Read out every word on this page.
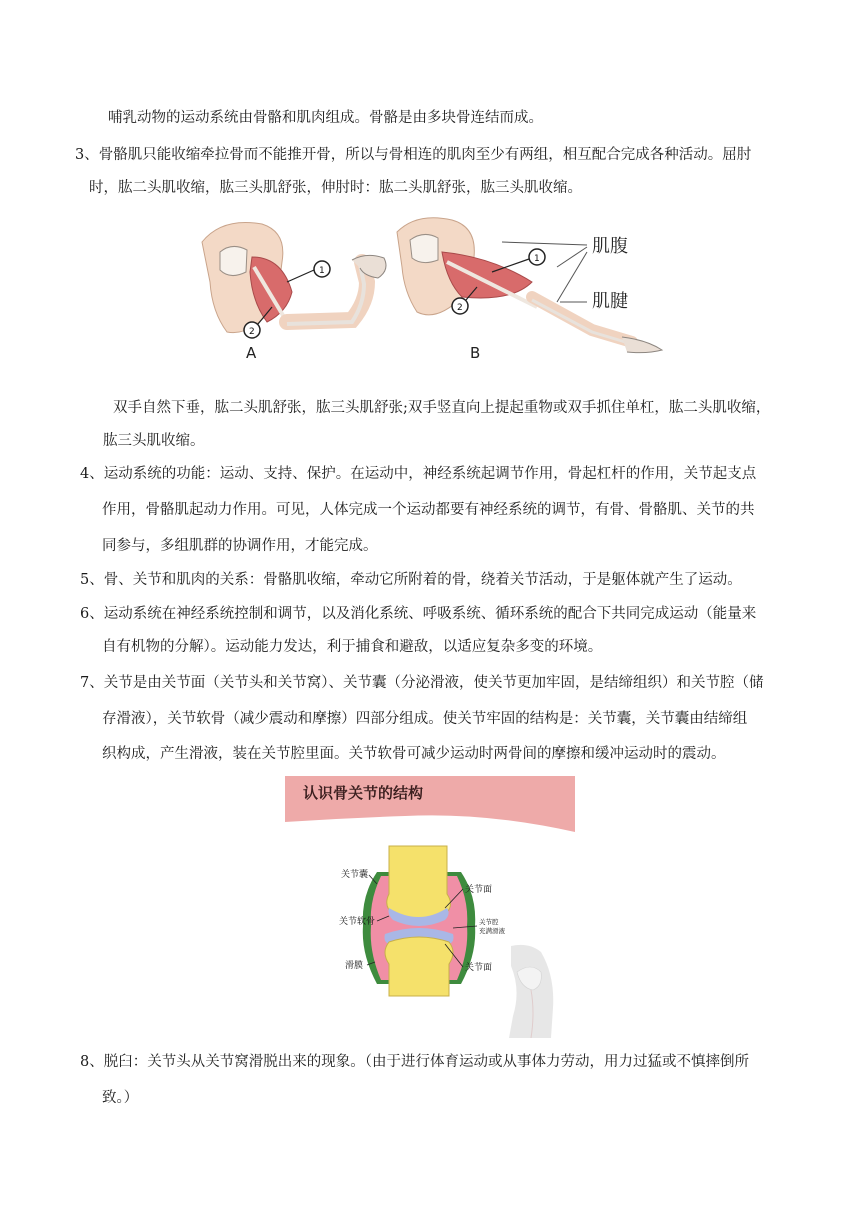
哺乳动物的运动系统由骨骼和肌肉组成。骨骼是由多块骨连结而成。
3、骨骼肌只能收缩牵拉骨而不能推开骨，所以与骨相连的肌肉至少有两组，相互配合完成各种活动。屈肘
时，肱二头肌收缩，肱三头肌舒张，伸肘时：肱二头肌舒张，肱三头肌收缩。
1
2
A
1
2
肌腹
肌腱
B
双手自然下垂，肱二头肌舒张，肱三头肌舒张;双手竖直向上提起重物或双手抓住单杠，肱二头肌收缩，
肱三头肌收缩。
4、运动系统的功能：运动、支持、保护。在运动中，神经系统起调节作用，骨起杠杆的作用，关节起支点
作用，骨骼肌起动力作用。可见，人体完成一个运动都要有神经系统的调节，有骨、骨骼肌、关节的共
同参与，多组肌群的协调作用，才能完成。
5、骨、关节和肌肉的关系：骨骼肌收缩，牵动它所附着的骨，绕着关节活动，于是躯体就产生了运动。
6、运动系统在神经系统控制和调节，以及消化系统、呼吸系统、循环系统的配合下共同完成运动（能量来
自有机物的分解）。运动能力发达，利于捕食和避敌，以适应复杂多变的环境。
7、关节是由关节面（关节头和关节窝）、关节囊（分泌滑液，使关节更加牢固，是结缔组织）和关节腔（储
存滑液），关节软骨（减少震动和摩擦）四部分组成。使关节牢固的结构是：关节囊，关节囊由结缔组
织构成，产生滑液，装在关节腔里面。关节软骨可减少运动时两骨间的摩擦和缓冲运动时的震动。
认识骨关节的结构
关节囊
关节面
关节软骨	关节腔
充满滑液
滑膜	关节面
8、脱臼：关节头从关节窝滑脱出来的现象。（由于进行体育运动或从事体力劳动，用力过猛或不慎摔倒所
致。）
